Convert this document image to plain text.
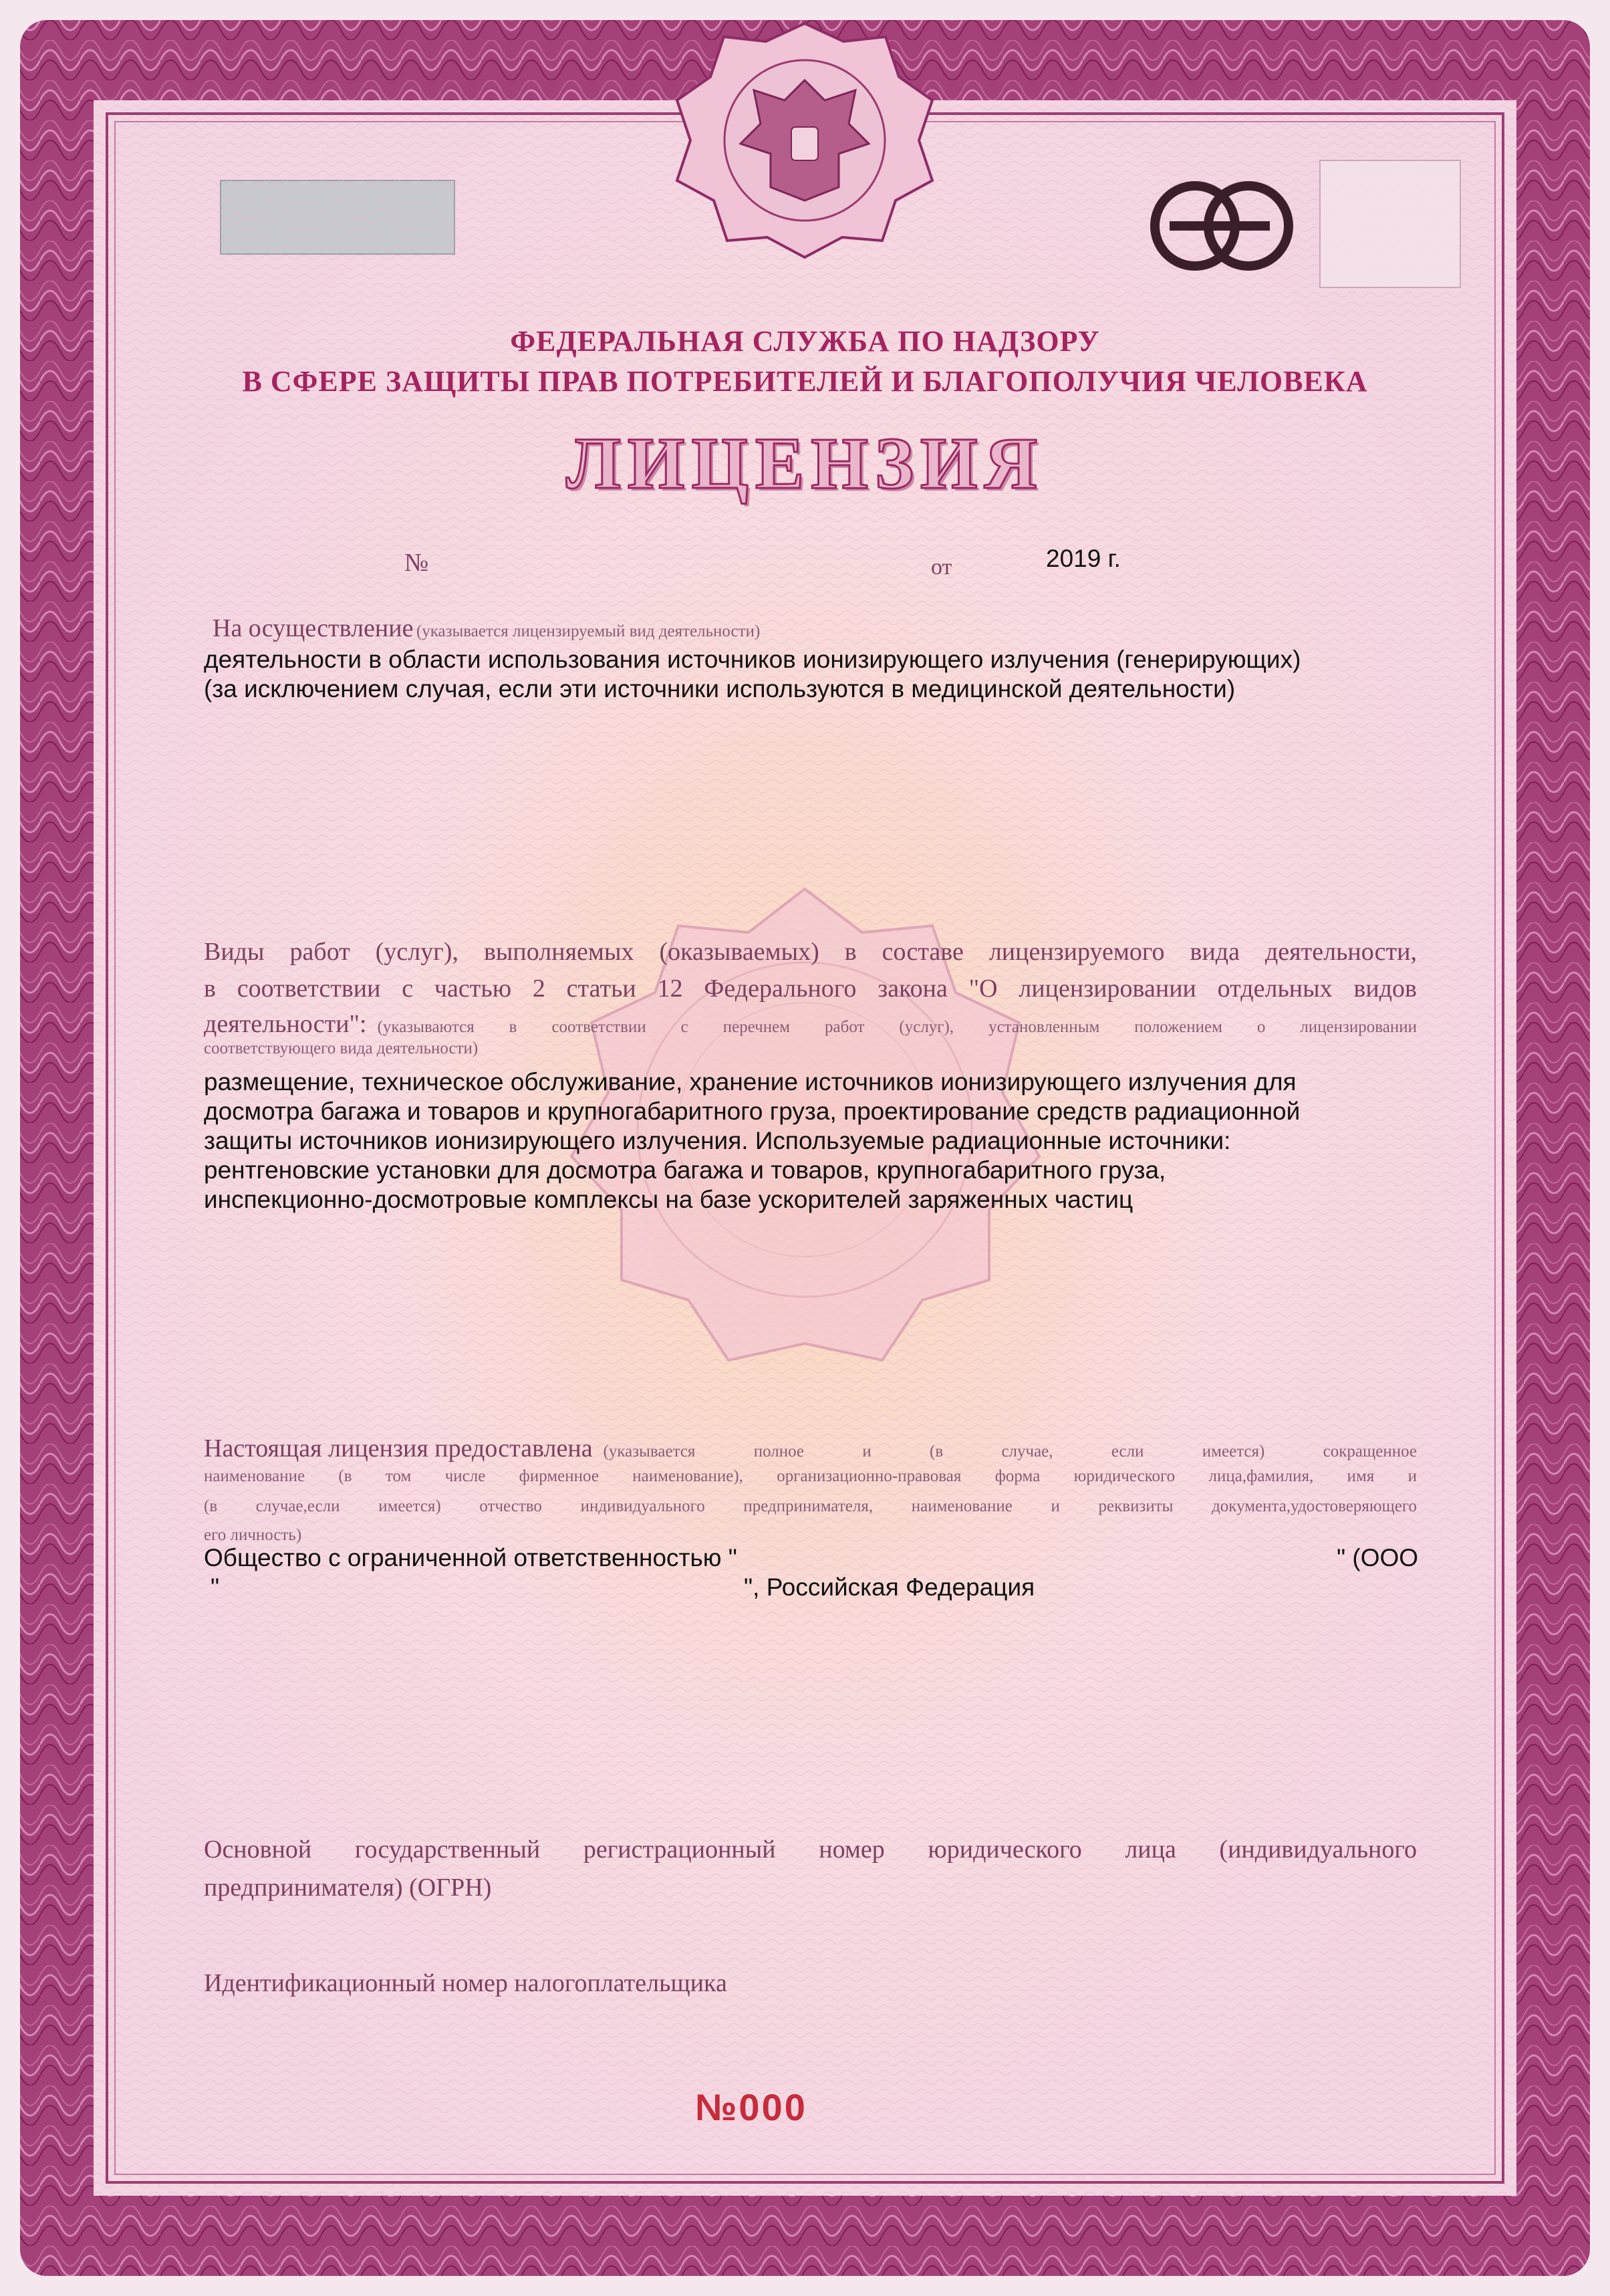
ФЕДЕРАЛЬНАЯ СЛУЖБА ПО НАДЗОРУ
В СФЕРЕ ЗАЩИТЫ ПРАВ ПОТРЕБИТЕЛЕЙ И БЛАГОПОЛУЧИЯ ЧЕЛОВЕКА
ЛИЦЕНЗИЯ
№	от	2019 г.
На осуществление (указывается лицензируемый вид деятельности)
деятельности в области использования источников ионизирующего излучения (генерирующих)
(за исключением случая, если эти источники используются в медицинской деятельности)
Виды работ (услуг), выполняемых (оказываемых) в составе лицензируемого вида деятельности,
в соответствии с частью 2 статьи 12 Федерального закона "О лицензировании отдельных видов
деятельности": (указываются в соответствии с перечнем работ (услуг), установленным положением о лицензировании
соответствующего вида деятельности)
размещение, техническое обслуживание, хранение источников ионизирующего излучения для
досмотра багажа и товаров и крупногабаритного груза, проектирование средств радиационной
защиты источников ионизирующего излучения. Используемые радиационные источники:
рентгеновские установки для досмотра багажа и товаров, крупногабаритного груза,
инспекционно-досмотровые комплексы на базе ускорителей заряженных частиц
Настоящая лицензия предоставлена (указывается полное и (в случае, если имеется) сокращенное
наименование (в том числе фирменное наименование), организационно-правовая форма юридического лица,фамилия, имя и
(в случае,если имеется) отчество индивидуального предпринимателя, наименование и реквизиты документа,удостоверяющего
его личность)
Общество с ограниченной ответственностью "	" (ООО
"	", Российская Федерация
Основной государственный регистрационный номер юридического лица (индивидуального
предпринимателя) (ОГРН)
Идентификационный номер налогоплательщика
№000
